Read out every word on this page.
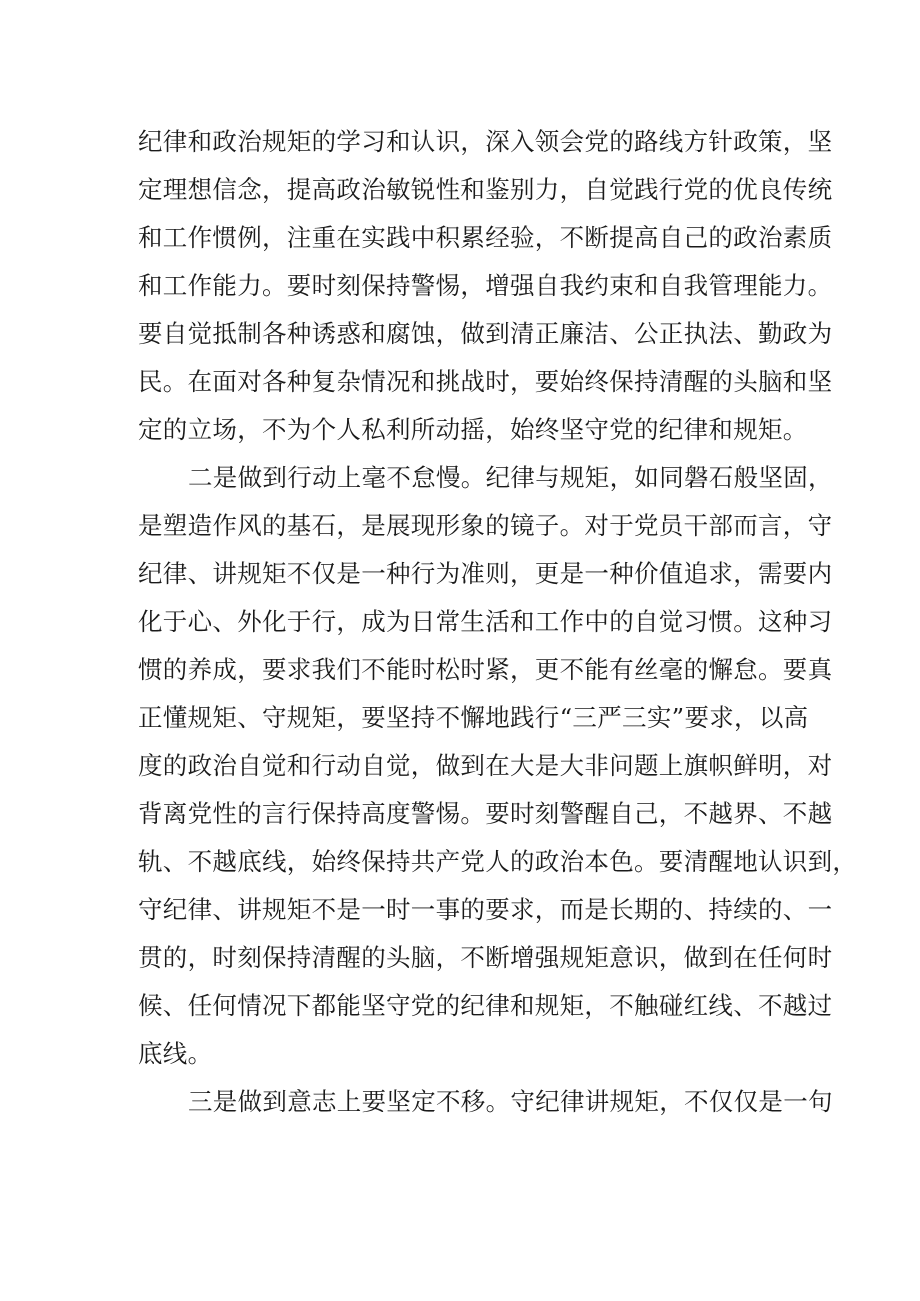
纪律和政治规矩的学习和认识，深入领会党的路线方针政策，坚
定理想信念，提高政治敏锐性和鉴别力，自觉践行党的优良传统
和工作惯例，注重在实践中积累经验，不断提高自己的政治素质
和工作能力。要时刻保持警惕，增强自我约束和自我管理能力。
要自觉抵制各种诱惑和腐蚀，做到清正廉洁、公正执法、勤政为
民。在面对各种复杂情况和挑战时，要始终保持清醒的头脑和坚
定的立场，不为个人私利所动摇，始终坚守党的纪律和规矩。
二是做到行动上毫不怠慢。纪律与规矩，如同磐石般坚固，
是塑造作风的基石，是展现形象的镜子。对于党员干部而言，守
纪律、讲规矩不仅是一种行为准则，更是一种价值追求，需要内
化于心、外化于行，成为日常生活和工作中的自觉习惯。这种习
惯的养成，要求我们不能时松时紧，更不能有丝毫的懈怠。要真
正懂规矩、守规矩，要坚持不懈地践行“三严三实”要求，以高
度的政治自觉和行动自觉，做到在大是大非问题上旗帜鲜明，对
背离党性的言行保持高度警惕。要时刻警醒自己，不越界、不越
轨、不越底线，始终保持共产党人的政治本色。要清醒地认识到，
守纪律、讲规矩不是一时一事的要求，而是长期的、持续的、一
贯的，时刻保持清醒的头脑，不断增强规矩意识，做到在任何时
候、任何情况下都能坚守党的纪律和规矩，不触碰红线、不越过
底线。
三是做到意志上要坚定不移。守纪律讲规矩，不仅仅是一句
